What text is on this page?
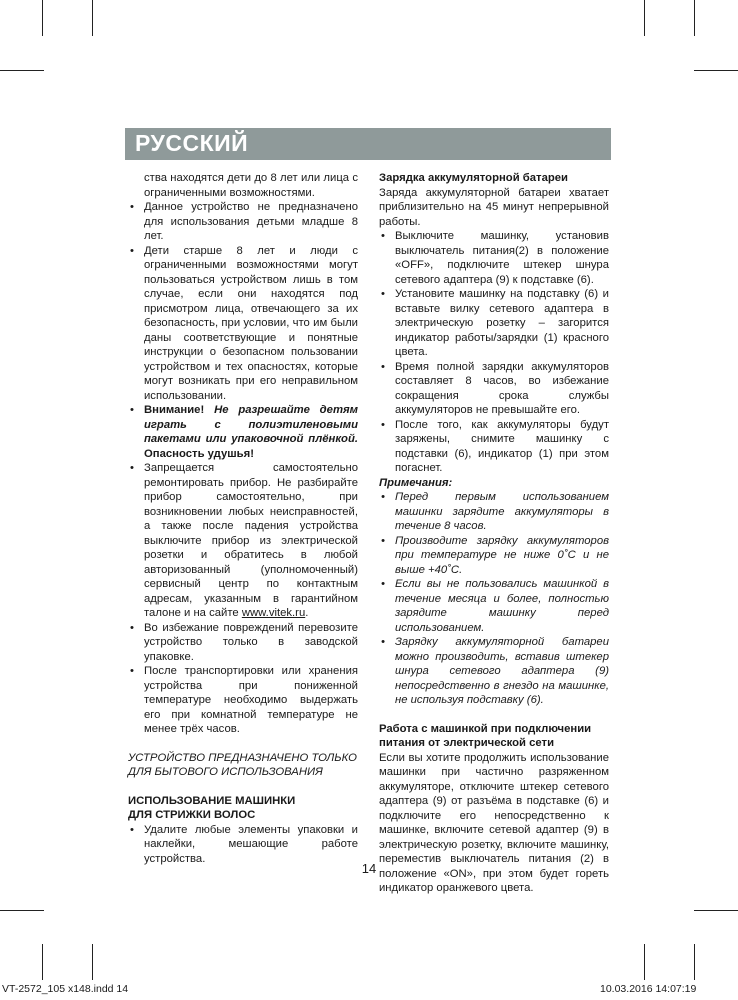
РУССКИЙ

ства находятся дети до 8 лет или лица с ограниченными возможностями.

• Данное устройство не предназначено для использования детьми младше 8 лет.
• Дети старше 8 лет и люди с ограниченными возможностями могут пользоваться устройством лишь в том случае, если они находятся под присмотром лица, отвечающего за их безопасность, при условии, что им были даны соответствующие и понятные инструкции о безопасном пользовании устройством и тех опасностях, которые могут возникать при его неправильном использовании.
• Внимание! Не разрешайте детям играть с полиэтиленовыми пакетами или упаковочной плёнкой. Опасность удушья!
• Запрещается самостоятельно ремонтировать прибор. Не разбирайте прибор самостоятельно, при возникновении любых неисправностей, а также после падения устройства выключите прибор из электрической розетки и обратитесь в любой авторизованный (уполномоченный) сервисный центр по контактным адресам, указанным в гарантийном талоне и на сайте www.vitek.ru.
• Во избежание повреждений перевозите устройство только в заводской упаковке.
• После транспортировки или хранения устройства при пониженной температуре необходимо выдержать его при комнатной температуре не менее трёх часов.

УСТРОЙСТВО ПРЕДНАЗНАЧЕНО ТОЛЬКО ДЛЯ БЫТОВОГО ИСПОЛЬЗОВАНИЯ

ИСПОЛЬЗОВАНИЕ МАШИНКИ
ДЛЯ СТРИЖКИ ВОЛОС

• Удалите любые элементы упаковки и наклейки, мешающие работе устройства.

Зарядка аккумуляторной батареи

Заряда аккумуляторной батареи хватает приблизительно на 45 минут непрерывной работы.

• Выключите машинку, установив выключатель питания(2) в положение «OFF», подключите штекер шнура сетевого адаптера (9) к подставке (6).
• Установите машинку на подставку (6) и вставьте вилку сетевого адаптера в электрическую розетку – загорится индикатор работы/зарядки (1) красного цвета.
• Время полной зарядки аккумуляторов составляет 8 часов, во избежание сокращения срока службы аккумуляторов не превышайте его.
• После того, как аккумуляторы будут заряжены, снимите машинку с подставки (6), индикатор (1) при этом погаснет.

Примечания:

• Перед первым использованием машинки зарядите аккумуляторы в течение 8 часов.
• Производите зарядку аккумуляторов при температуре не ниже 0˚C и не выше +40˚C.
• Если вы не пользовались машинкой в течение месяца и более, полностью зарядите машинку перед использованием.
• Зарядку аккумуляторной батареи можно производить, вставив штекер шнура сетевого адаптера (9) непосредственно в гнездо на машинке, не используя подставку (6).

Работа с машинкой при подключении
питания от электрической сети

Если вы хотите продолжить использование машинки при частично разряженном аккумуляторе, отключите штекер сетевого адаптера (9) от разъёма в подставке (6) и подключите его непосредственно к машинке, включите сетевой адаптер (9) в электрическую розетку, включите машинку, переместив выключатель питания (2) в положение «ON», при этом будет гореть индикатор оранжевого цвета.

14
VT-2572_105 x148.indd 14	10.03.2016 14:07:19
